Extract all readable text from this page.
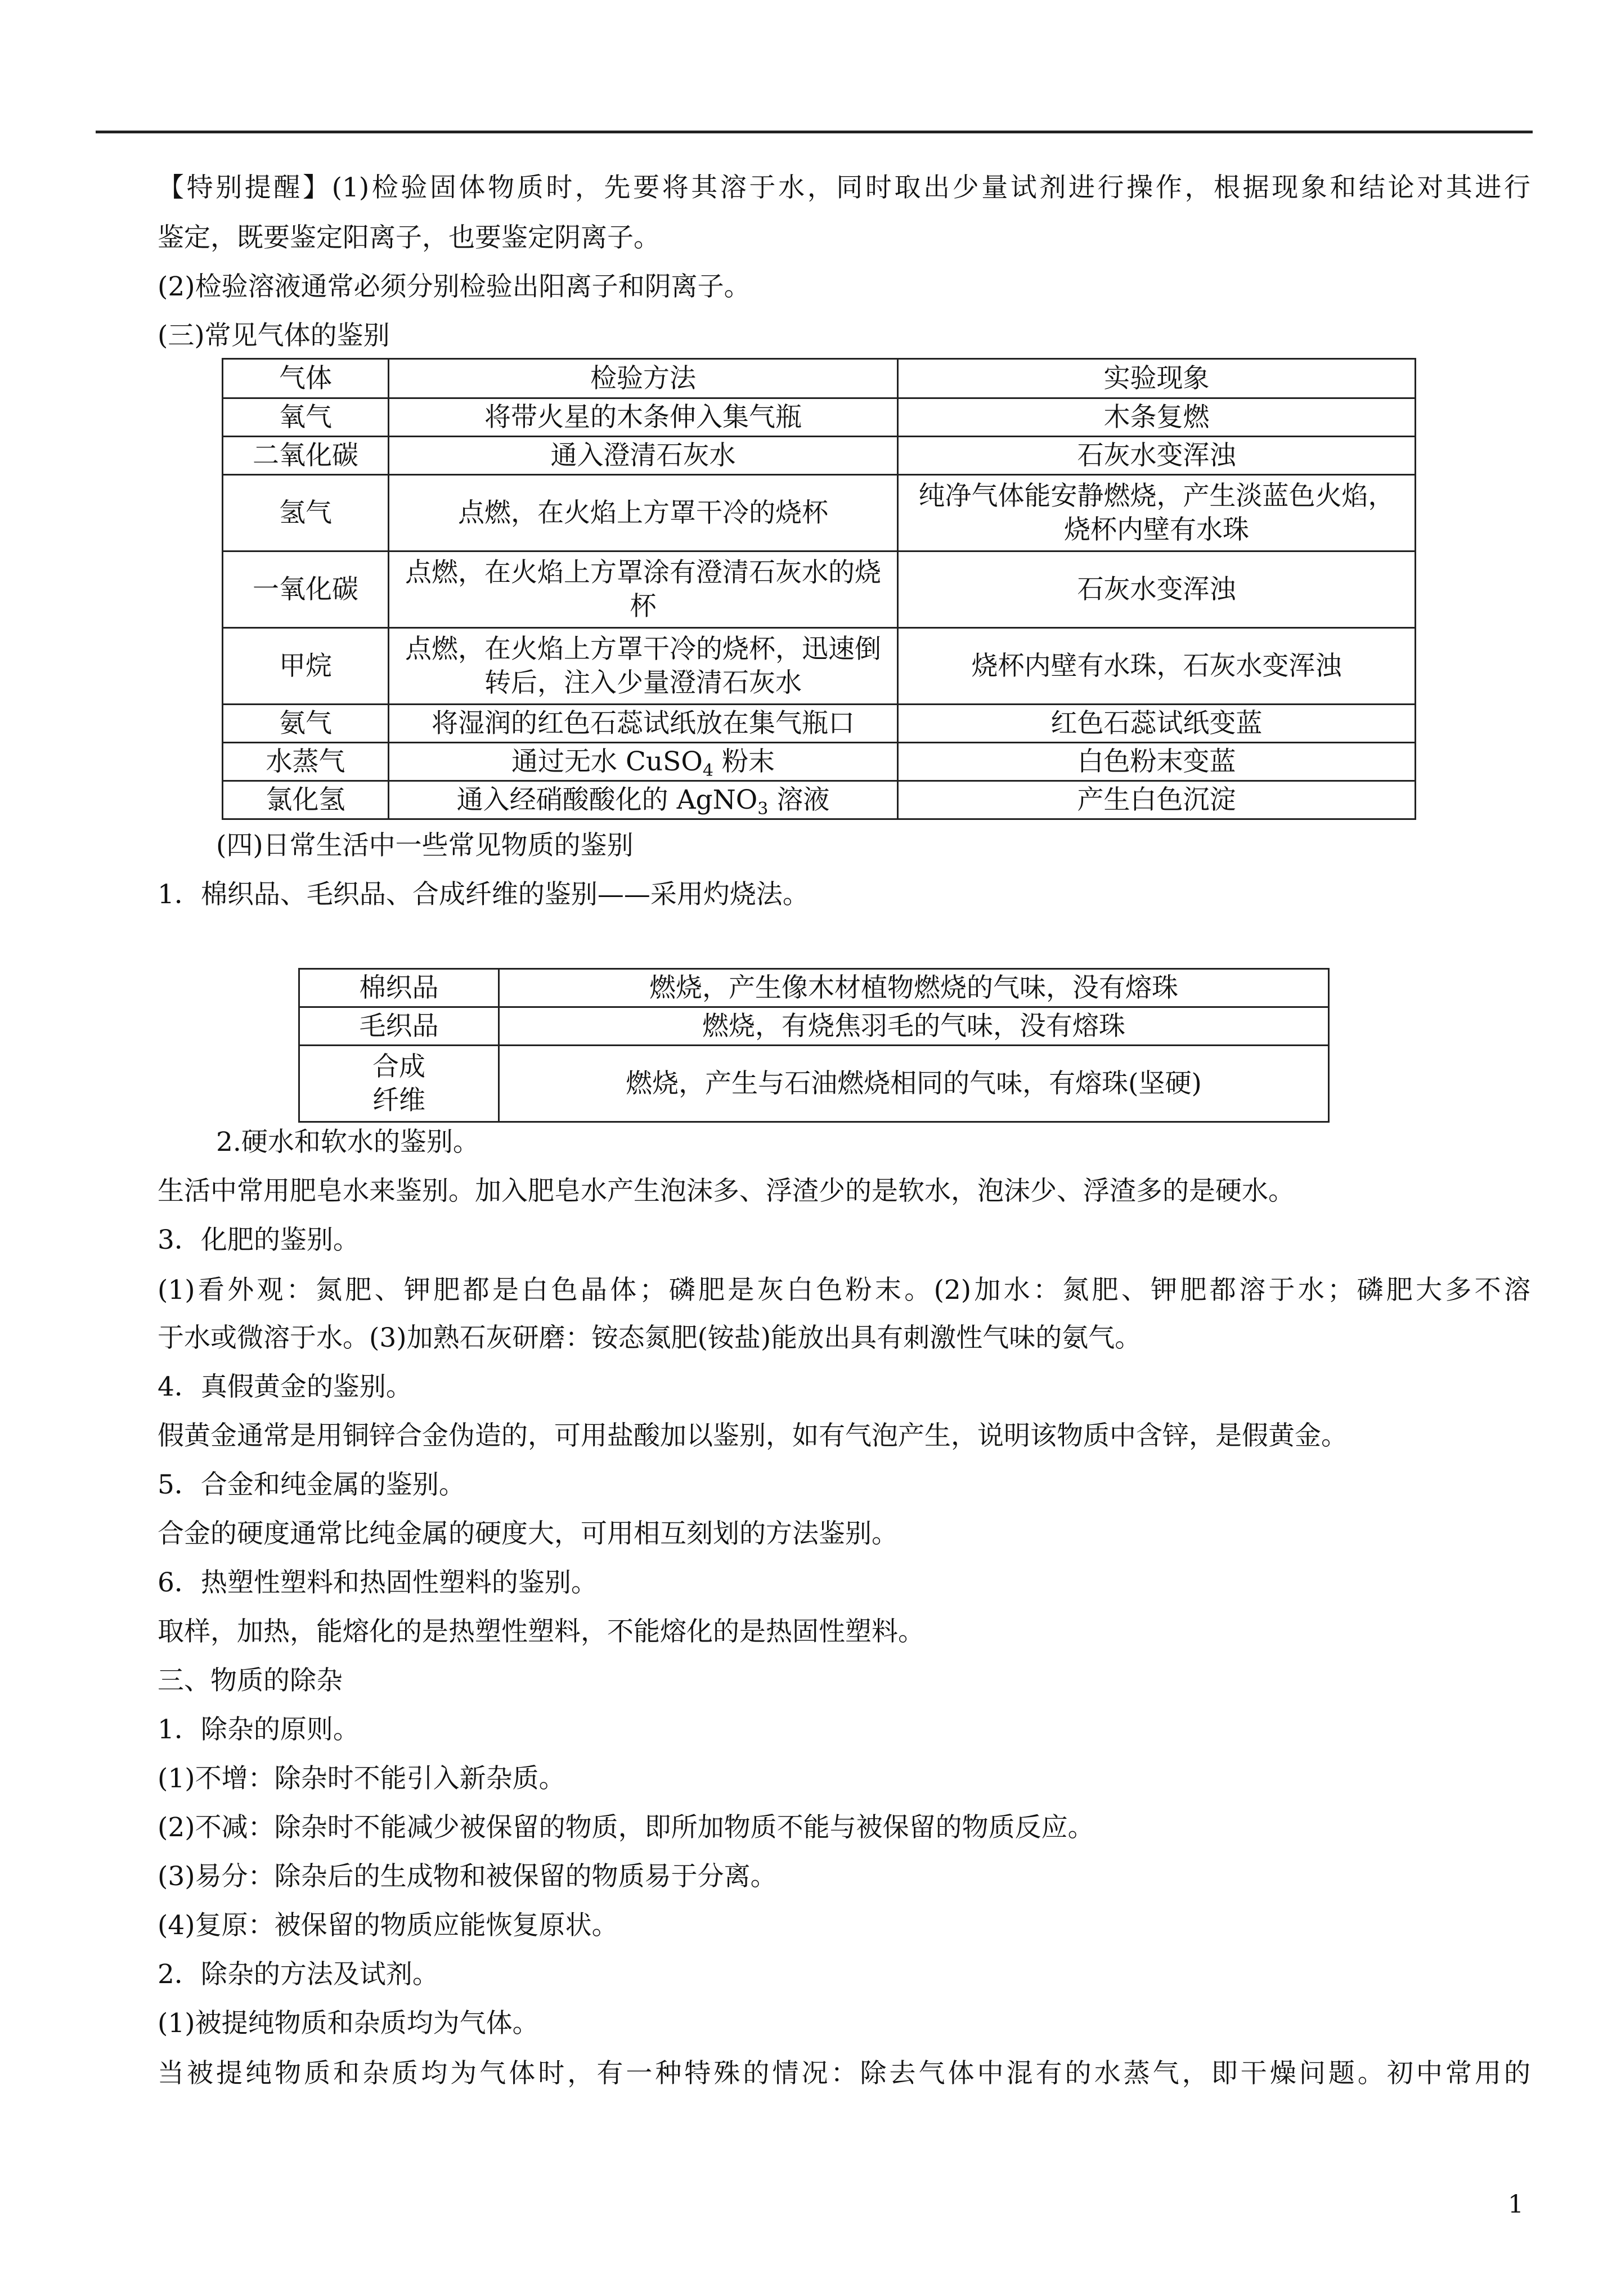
【特别提醒】(1)检验固体物质时，先要将其溶于水，同时取出少量试剂进行操作，根据现象和结论对其进行
鉴定，既要鉴定阳离子，也要鉴定阴离子。
(2)检验溶液通常必须分别检验出阳离子和阴离子。
(三)常见气体的鉴别
气体	检验方法	实验现象
氧气	将带火星的木条伸入集气瓶	木条复燃
二氧化碳	通入澄清石灰水	石灰水变浑浊
氢气	点燃，在火焰上方罩干冷的烧杯	纯净气体能安静燃烧，产生淡蓝色火焰，烧杯内壁有水珠
一氧化碳	点燃，在火焰上方罩涂有澄清石灰水的烧杯	石灰水变浑浊
甲烷	点燃，在火焰上方罩干冷的烧杯，迅速倒转后，注入少量澄清石灰水	烧杯内壁有水珠，石灰水变浑浊
氨气	将湿润的红色石蕊试纸放在集气瓶口	红色石蕊试纸变蓝
水蒸气	通过无水 CuSO$_4$ 粉末	白色粉末变蓝
氯化氢	通入经硝酸酸化的 AgNO$_3$ 溶液	产生白色沉淀
(四)日常生活中一些常见物质的鉴别
1．棉织品、毛织品、合成纤维的鉴别——采用灼烧法。
棉织品	燃烧，产生像木材植物燃烧的气味，没有熔珠
毛织品	燃烧，有烧焦羽毛的气味，没有熔珠

合成
纤维	燃烧，产生与石油燃烧相同的气味，有熔珠(坚硬)
2.硬水和软水的鉴别。
生活中常用肥皂水来鉴别。加入肥皂水产生泡沫多、浮渣少的是软水，泡沫少、浮渣多的是硬水。
3．化肥的鉴别。
(1)看外观：氮肥、钾肥都是白色晶体；磷肥是灰白色粉末。(2)加水：氮肥、钾肥都溶于水；磷肥大多不溶
于水或微溶于水。(3)加熟石灰研磨：铵态氮肥(铵盐)能放出具有刺激性气味的氨气。
4．真假黄金的鉴别。
假黄金通常是用铜锌合金伪造的，可用盐酸加以鉴别，如有气泡产生，说明该物质中含锌，是假黄金。
5．合金和纯金属的鉴别。
合金的硬度通常比纯金属的硬度大，可用相互刻划的方法鉴别。
6．热塑性塑料和热固性塑料的鉴别。
取样，加热，能熔化的是热塑性塑料，不能熔化的是热固性塑料。
三、物质的除杂
1．除杂的原则。
(1)不增：除杂时不能引入新杂质。
(2)不减：除杂时不能减少被保留的物质，即所加物质不能与被保留的物质反应。
(3)易分：除杂后的生成物和被保留的物质易于分离。
(4)复原：被保留的物质应能恢复原状。
2．除杂的方法及试剂。
(1)被提纯物质和杂质均为气体。
当被提纯物质和杂质均为气体时，有一种特殊的情况：除去气体中混有的水蒸气，即干燥问题。初中常用的
1
